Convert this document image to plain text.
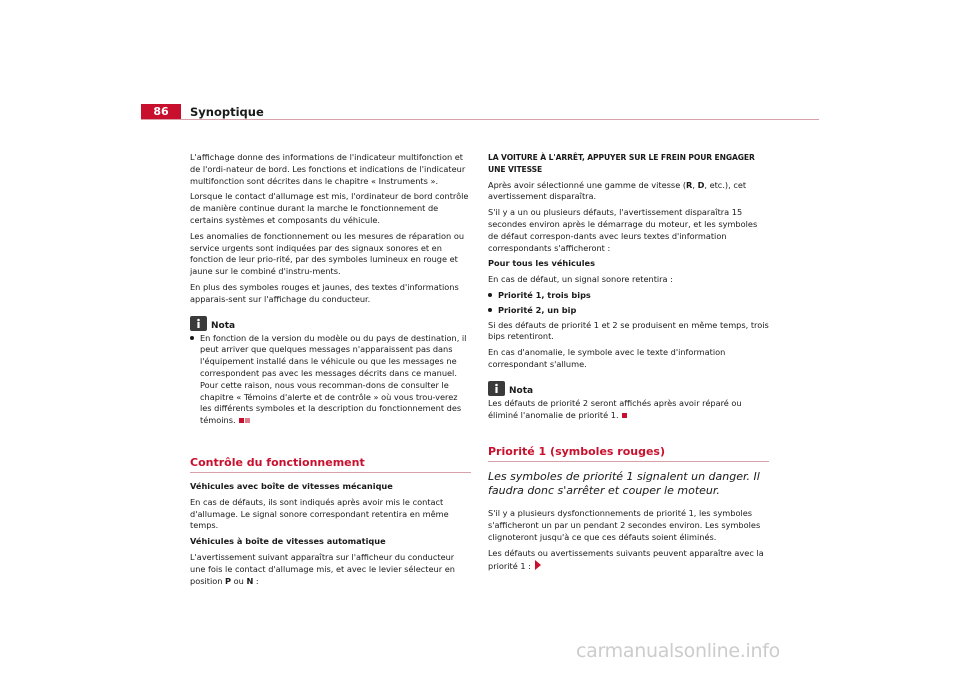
86	Synoptique

L'affichage donne des informations de l'indicateur multifonction et de l'ordi-nateur de bord. Les fonctions et indications de l'indicateur multifonction sont décrites dans le chapitre « Instruments ».

Lorsque le contact d'allumage est mis, l'ordinateur de bord contrôle de manière continue durant la marche le fonctionnement de certains systèmes et composants du véhicule.

Les anomalies de fonctionnement ou les mesures de réparation ou service urgents sont indiquées par des signaux sonores et en fonction de leur prio-rité, par des symboles lumineux en rouge et jaune sur le combiné d'instru-ments.

En plus des symboles rouges et jaunes, des textes d'informations apparais-sent sur l'affichage du conducteur.

Nota
En fonction de la version du modèle ou du pays de destination, il peut arriver que quelques messages n'apparaissent pas dans l'équipement installé dans le véhicule ou que les messages ne correspondent pas avec les messages décrits dans ce manuel. Pour cette raison, nous vous recomman-dons de consulter le chapitre « Témoins d'alerte et de contrôle » où vous trou-verez les différents symboles et la description du fonctionnement des témoins.
Contrôle du fonctionnement

Véhicules avec boîte de vitesses mécanique

En cas de défauts, ils sont indiqués après avoir mis le contact d'allumage. Le signal sonore correspondant retentira en même temps.

Véhicules à boîte de vitesses automatique

L'avertissement suivant apparaîtra sur l'afficheur du conducteur une fois le contact d'allumage mis, et avec le levier sélecteur en position P ou N :

LA VOITURE À L'ARRÊT, APPUYER SUR LE FREIN POUR ENGAGER UNE VITESSE

Après avoir sélectionné une gamme de vitesse (R, D, etc.), cet avertissement disparaîtra.

S'il y a un ou plusieurs défauts, l'avertissement disparaîtra 15 secondes environ après le démarrage du moteur, et les symboles de défaut correspon-dants avec leurs textes d'information correspondants s'afficheront :

Pour tous les véhicules

En cas de défaut, un signal sonore retentira :

Priorité 1, trois bips
Priorité 2, un bip

Si des défauts de priorité 1 et 2 se produisent en même temps, trois bips retentiront.

En cas d'anomalie, le symbole avec le texte d'information correspondant s'allume.

Nota

Les défauts de priorité 2 seront affichés après avoir réparé ou éliminé l'anomalie de priorité 1.

Priorité 1 (symboles rouges)

Les symboles de priorité 1 signalent un danger. Il faudra donc s'arrêter et couper le moteur.

S'il y a plusieurs dysfonctionnements de priorité 1, les symboles s'afficheront un par un pendant 2 secondes environ. Les symboles clignoteront jusqu'à ce que ces défauts soient éliminés.

Les défauts ou avertissements suivants peuvent apparaître avec la priorité 1 :

carmanualsonline.info
